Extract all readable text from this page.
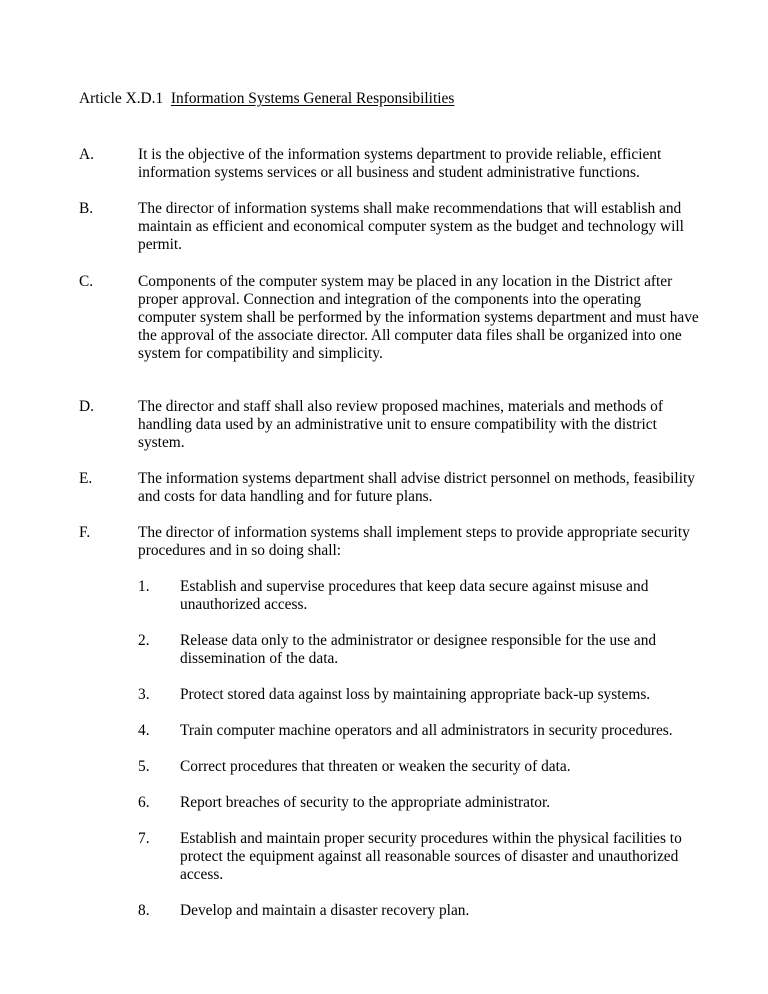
Article X.D.1 Information Systems General Responsibilities
A.	It is the objective of the information systems department to provide reliable, efficient information systems services or all business and student administrative functions.
B.	The director of information systems shall make recommendations that will establish and maintain as efficient and economical computer system as the budget and technology will permit.
C.	Components of the computer system may be placed in any location in the District after proper approval. Connection and integration of the components into the operating computer system shall be performed by the information systems department and must have the approval of the associate director. All computer data files shall be organized into one system for compatibility and simplicity.
D.	The director and staff shall also review proposed machines, materials and methods of handling data used by an administrative unit to ensure compatibility with the district system.
E.	The information systems department shall advise district personnel on methods, feasibility and costs for data handling and for future plans.
F.	The director of information systems shall implement steps to provide appropriate security procedures and in so doing shall:
1.	Establish and supervise procedures that keep data secure against misuse and unauthorized access.
2.	Release data only to the administrator or designee responsible for the use and dissemination of the data.
3.	Protect stored data against loss by maintaining appropriate back-up systems.
4.	Train computer machine operators and all administrators in security procedures.
5.	Correct procedures that threaten or weaken the security of data.
6.	Report breaches of security to the appropriate administrator.
7.	Establish and maintain proper security procedures within the physical facilities to protect the equipment against all reasonable sources of disaster and unauthorized access.
8.	Develop and maintain a disaster recovery plan.
